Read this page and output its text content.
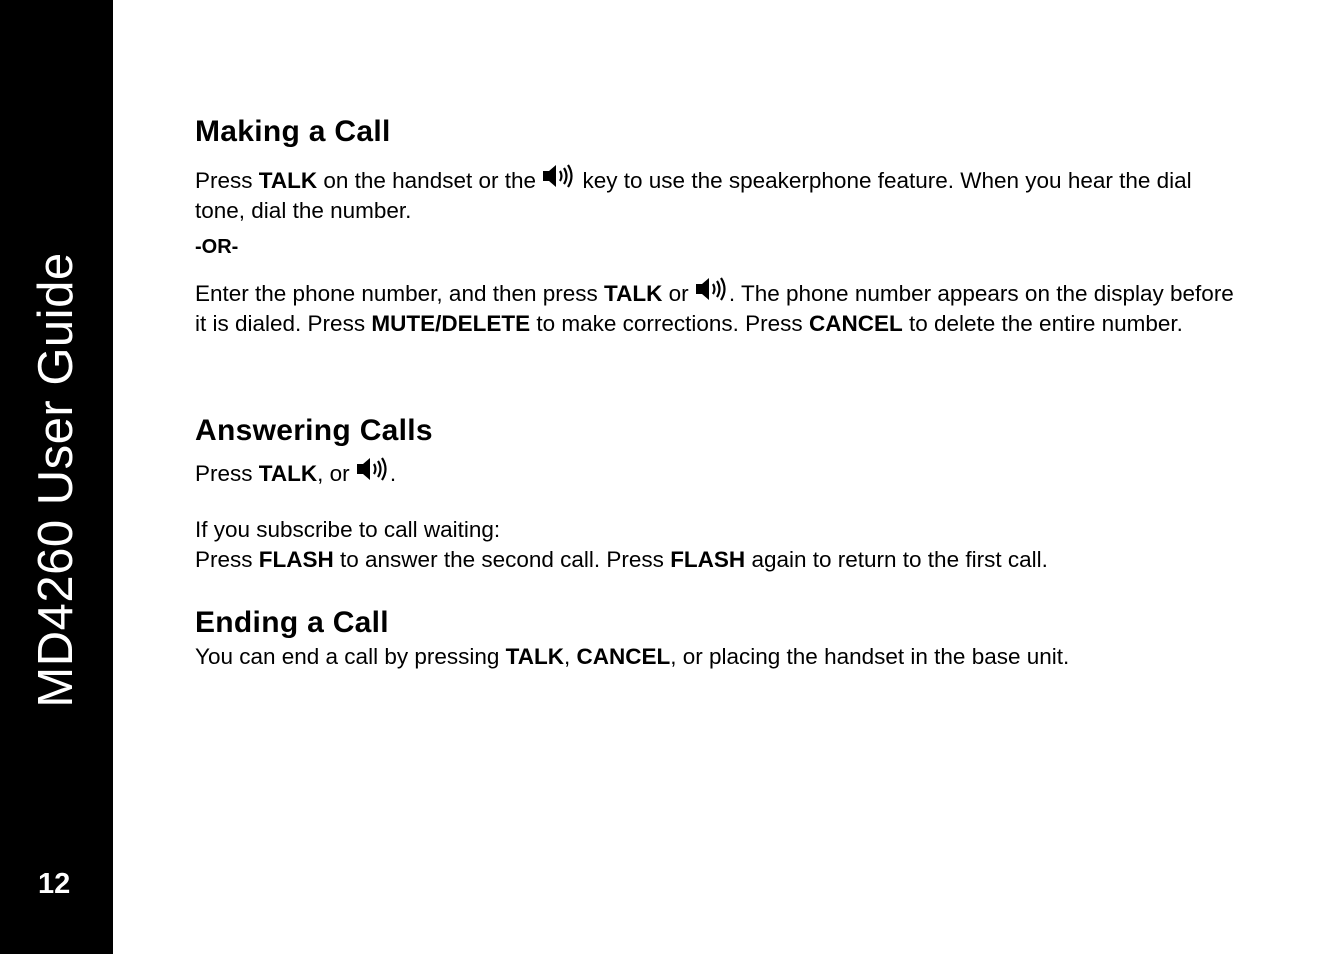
MD4260 User Guide
12
Making a Call

Press TALK on the handset or the
key to use the speakerphone feature. When you hear the dial tone, dial the number.

-OR-

Enter the phone number, and then press TALK or
. The phone number appears on the display before it is dialed. Press MUTE/DELETE to make corrections. Press CANCEL to delete the entire number.

Answering Calls

Press TALK, or
.

If you subscribe to call waiting:

Press FLASH to answer the second call. Press FLASH again to return to the first call.

Ending a Call

You can end a call by pressing TALK, CANCEL, or placing the handset in the base unit.
